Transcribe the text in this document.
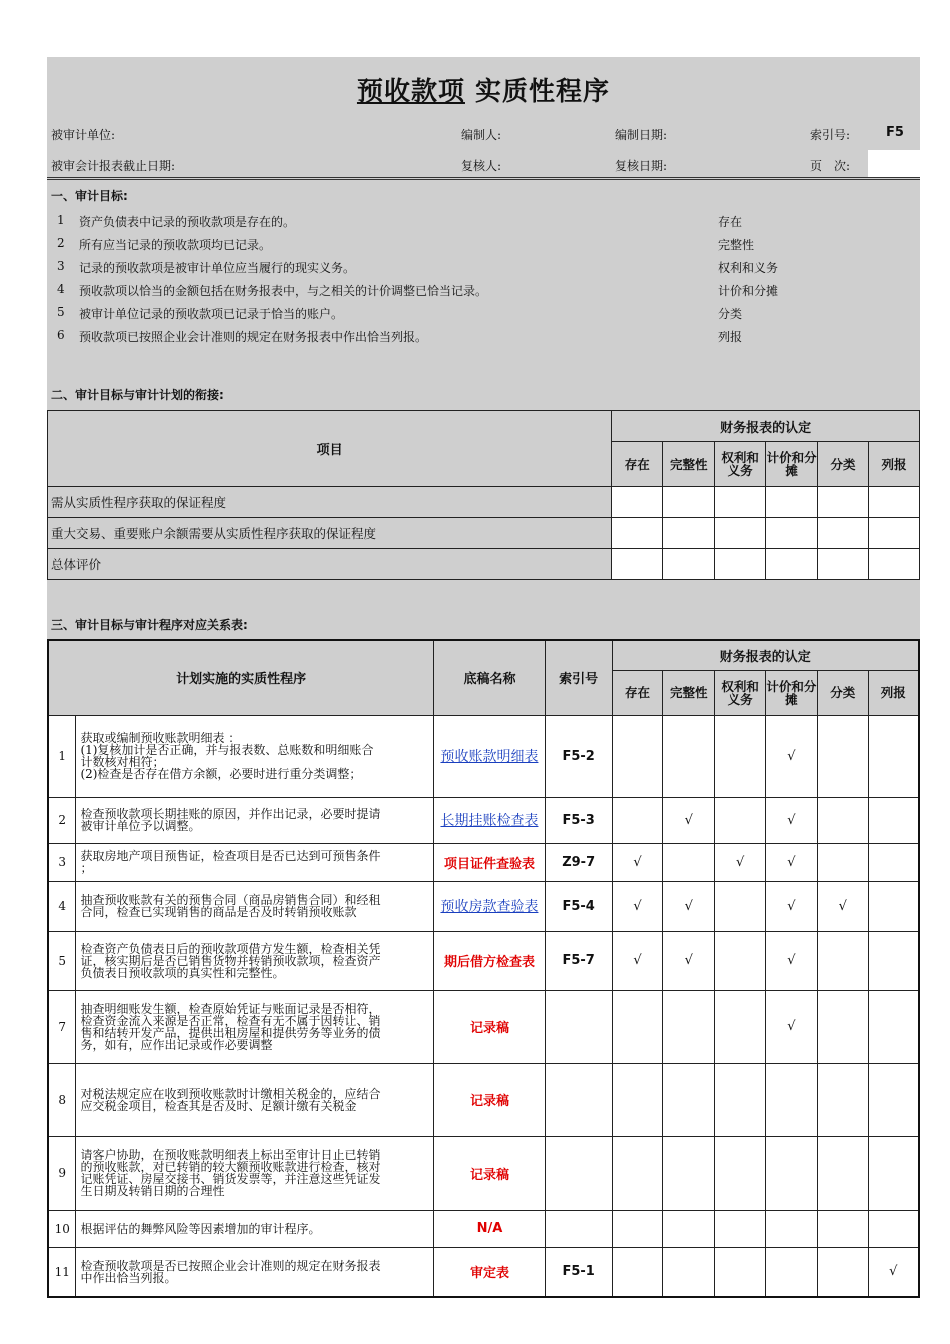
预收款项 实质性程序
被审计单位:	编制人:	编制日期:	索引号:	F5
被审会计报表截止日期:	复核人:	复核日期:	页　次:
一、审计目标:
1 资产负债表中记录的预收款项是存在的。	存在
2 所有应当记录的预收款项均已记录。	完整性
3 记录的预收款项是被审计单位应当履行的现实义务。	权利和义务
4 预收款项以恰当的金额包括在财务报表中，与之相关的计价调整已恰当记录。	计价和分摊
5 被审计单位记录的预收款项已记录于恰当的账户。	分类
6 预收款项已按照企业会计准则的规定在财务报表中作出恰当列报。	列报
二、审计目标与审计计划的衔接:
项目	财务报表的认定					
	存在	完整性	权利和义务	计价和分摊	分类	列报
需从实质性程序获取的保证程度						
重大交易、重要账户余额需要从实质性程序获取的保证程度						
总体评价						
三、审计目标与审计程序对应关系表:
计划实施的实质性程序		底稿名称	索引号	财务报表的认定					
				存在	完整性	权利和义务	计价和分摊	分类	列报
1	获取或编制预收账款明细表 ：
(1)复核加计是否正确，并与报表数、总账数和明细账合
计数核对相符；
(2)检查是否存在借方余额，必要时进行重分类调整；	预收账款明细表	F5-2				√		
2	检查预收款项长期挂账的原因，并作出记录，必要时提请
被审计单位予以调整。	长期挂账检查表	F5-3		√		√		
3	获取房地产项目预售证，检查项目是否已达到可预售条件
；	项目证件查验表	Z9-7	√		√	√		
4	抽查预收账款有关的预售合同（商品房销售合同）和经租
合同，检查已实现销售的商品是否及时转销预收账款	预收房款查验表	F5-4	√	√		√	√	
5	检查资产负债表日后的预收款项借方发生额，检查相关凭
证，核实期后是否已销售货物并转销预收款项，检查资产
负债表日预收款项的真实性和完整性。	期后借方检查表	F5-7	√	√		√		
7	抽查明细账发生额，检查原始凭证与账面记录是否相符，
检查资金流入来源是否正常，检查有无不属于因转让、销
售和结转开发产品，提供出租房屋和提供劳务等业务的债
务，如有，应作出记录或作必要调整	记录稿					√		
8	对税法规定应在收到预收账款时计缴相关税金的，应结合
应交税金项目，检查其是否及时、足额计缴有关税金	记录稿							
9	请客户协助，在预收账款明细表上标出至审计日止已转销
的预收账款，对已转销的较大额预收账款进行检查，核对
记账凭证、房屋交接书、销货发票等，并注意这些凭证发
生日期及转销日期的合理性	记录稿							
10	根据评估的舞弊风险等因素增加的审计程序。	N/A							
11	检查预收款项是否已按照企业会计准则的规定在财务报表
中作出恰当列报。	审定表	F5-1						√
